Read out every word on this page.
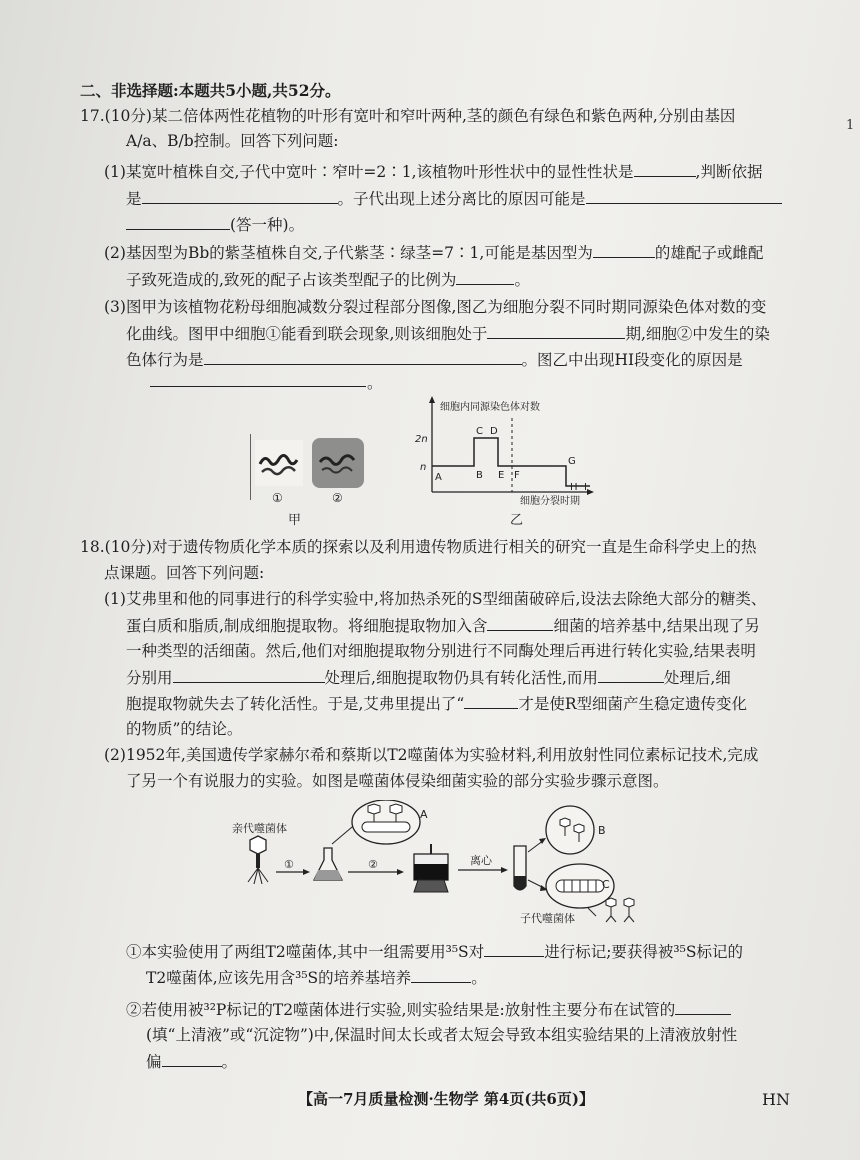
1
二、非选择题:本题共5小题,共52分。
17.(10分)某二倍体两性花植物的叶形有宽叶和窄叶两种,茎的颜色有绿色和紫色两种,分别由基因
A/a、B/b控制。回答下列问题:
(1)某宽叶植株自交,子代中宽叶∶窄叶=2∶1,该植物叶形性状中的显性性状是	,判断依据
是	。子代出现上述分离比的原因可能是
(答一种)。
(2)基因型为Bb的紫茎植株自交,子代紫茎∶绿茎=7∶1,可能是基因型为	的雄配子或雌配
子致死造成的,致死的配子占该类型配子的比例为	。
(3)图甲为该植物花粉母细胞减数分裂过程部分图像,图乙为细胞分裂不同时期同源染色体对数的变
化曲线。图甲中细胞①能看到联会现象,则该细胞处于	期,细胞②中发生的染
色体行为是	。图乙中出现HI段变化的原因是
。
①	②
甲
细胞内同源染色体对数
2n
n
A	B
C D
E F
G
H I
细胞分裂时期
乙
18.(10分)对于遗传物质化学本质的探索以及利用遗传物质进行相关的研究一直是生命科学史上的热
点课题。回答下列问题:
(1)艾弗里和他的同事进行的科学实验中,将加热杀死的S型细菌破碎后,设法去除绝大部分的糖类、
蛋白质和脂质,制成细胞提取物。将细胞提取物加入含	细菌的培养基中,结果出现了另
一种类型的活细菌。然后,他们对细胞提取物分别进行不同酶处理后再进行转化实验,结果表明
分别用	处理后,细胞提取物仍具有转化活性,而用	处理后,细
胞提取物就失去了转化活性。于是,艾弗里提出了“	才是使R型细菌产生稳定遗传变化
的物质”的结论。
(2)1952年,美国遗传学家赫尔希和蔡斯以T2噬菌体为实验材料,利用放射性同位素标记技术,完成
了另一个有说服力的实验。如图是噬菌体侵染细菌实验的部分实验步骤示意图。
亲代噬菌体
①
A
②	离心
B
C
子代噬菌体
①本实验使用了两组T2噬菌体,其中一组需要用³⁵S对	进行标记;要获得被³⁵S标记的
T2噬菌体,应该先用含³⁵S的培养基培养	。
②若使用被³²P标记的T2噬菌体进行实验,则实验结果是:放射性主要分布在试管的
(填“上清液”或“沉淀物”)中,保温时间太长或者太短会导致本组实验结果的上清液放射性
偏	。
【高一7月质量检测·生物学 第4页(共6页)】	HN
